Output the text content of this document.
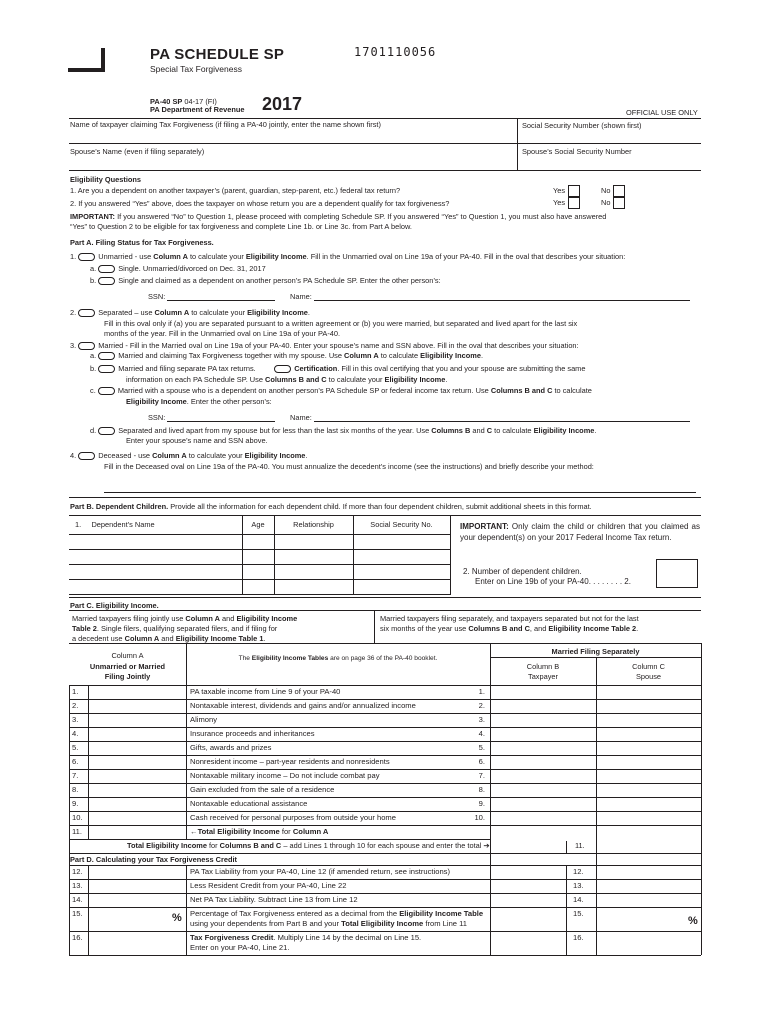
PA SCHEDULE SP	1701110056
Special Tax Forgiveness
PA-40 SP 04-17 (FI)
PA Department of Revenue 2017	OFFICIAL USE ONLY
Name of taxpayer claiming Tax Forgiveness (if filing a PA-40 jointly, enter the name shown first)	Social Security Number (shown first)
Spouse’s Name (even if filing separately)	Spouse’s Social Security Number
Eligibility Questions
1. Are you a dependent on another taxpayer’s (parent, guardian, step-parent, etc.) federal tax return?	Yes	No
2. If you answered “Yes” above, does the taxpayer on whose return you are a dependent qualify for tax forgiveness?	Yes	No
IMPORTANT: If you answered “No” to Question 1, please proceed with completing Schedule SP. If you answered “Yes” to Question 1, you must also have answered
“Yes” to Question 2 to be eligible for tax forgiveness and complete Line 1b. or Line 3c. from Part A below.
Part A. Filing Status for Tax Forgiveness.
1.	Unmarried - use Column A to calculate your Eligibility Income. Fill in the Unmarried oval on Line 19a of your PA-40. Fill in the oval that describes your situation:
a.	Single. Unmarried/divorced on Dec. 31, 2017
b.	Single and claimed as a dependent on another person’s PA Schedule SP. Enter the other person’s:
SSN:	Name:
2.	Separated – use Column A to calculate your Eligibility Income.
Fill in this oval only if (a) you are separated pursuant to a written agreement or (b) you were married, but separated and lived apart for the last six
months of the year. Fill in the Unmarried oval on Line 19a of your PA-40.
3.	Married - Fill in the Married oval on Line 19a of your PA-40. Enter your spouse’s name and SSN above. Fill in the oval that describes your situation:
a.	Married and claiming Tax Forgiveness together with my spouse. Use Column A to calculate Eligibility Income.
b.	Married and filing separate PA tax returns.	Certification. Fill in this oval certifying that you and your spouse are submitting the same
information on each PA Schedule SP. Use Columns B and C to calculate your Eligibility Income.
c.	Married with a spouse who is a dependent on another person’s PA Schedule SP or federal income tax return. Use Columns B and C to calculate
Eligibility Income. Enter the other person’s:
SSN:	Name:
d.	Separated and lived apart from my spouse but for less than the last six months of the year. Use Columns B and C to calculate Eligibility Income.
Enter your spouse’s name and SSN above.
4.	Deceased - use Column A to calculate your Eligibility Income.
Fill in the Deceased oval on Line 19a of the PA-40. You must annualize the decedent’s income (see the instructions) and briefly describe your method:
Part B. Dependent Children. Provide all the information for each dependent child. If more than four dependent children, submit additional sheets in this format.
1. Dependent’s Name	Age	Relationship	Social Security No.	IMPORTANT: Only claim the child or children that you claimed as your dependent(s) on your 2017 Federal Income Tax return.
2. Number of dependent children.
Enter on Line 19b of your PA-40. . . . . . . . 2.
Part C. Eligibility Income.
Married taxpayers filing jointly use Column A and Eligibility Income
Table 2. Single filers, qualifying separated filers, and if filing for
a decedent use Column A and Eligibility Income Table 1.
Married taxpayers filing separately, and taxpayers separated but not for the last
six months of the year use Columns B and C, and Eligibility Income Table 2.
Column A
Unmarried or Married
Filing Jointly
The Eligibility Income Tables are on page 36 of the PA-40 booklet.
Married Filing Separately
Column B
Taxpayer
Column C
Spouse
1.	PA taxable income from Line 9 of your PA-40	1.
2.	Nontaxable interest, dividends and gains and/or annualized income	2.
3.	Alimony	3.
4.	Insurance proceeds and inheritances	4.
5.	Gifts, awards and prizes	5.
6.	Nonresident income – part-year residents and nonresidents	6.
7.	Nontaxable military income – Do not include combat pay	7.
8.	Gain excluded from the sale of a residence	8.
9.	Nontaxable educational assistance	9.
10.	Cash received for personal purposes from outside your home	10.
11.	←Total Eligibility Income for Column A
Total Eligibility Income for Columns B and C – add Lines 1 through 10 for each spouse and enter the total ➔	11.
Part D. Calculating your Tax Forgiveness Credit
12.	PA Tax Liability from your PA-40, Line 12 (if amended return, see instructions)	12.
13.	Less Resident Credit from your PA-40, Line 22	13.
14.	Net PA Tax Liability. Subtract Line 13 from Line 12	14.
15.	% Percentage of Tax Forgiveness entered as a decimal from the Eligibility Income Table
using your dependents from Part B and your Total Eligibility Income from Line 11
15.
%
16.	Tax Forgiveness Credit. Multiply Line 14 by the decimal on Line 15.
Enter on your PA-40, Line 21.
16.
